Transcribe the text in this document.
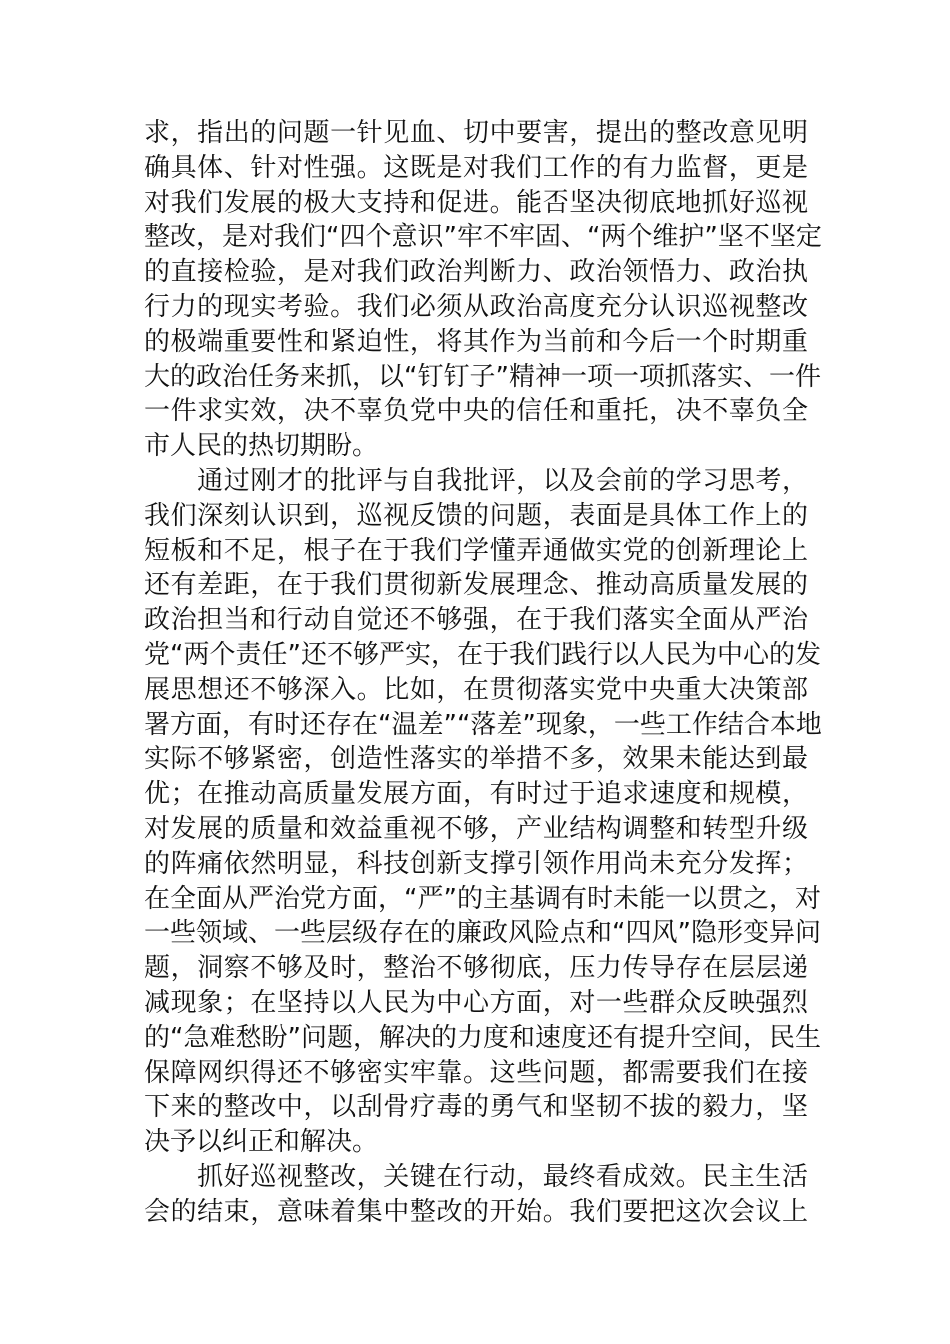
求，指出的问题一针见血、切中要害，提出的整改意见明
确具体、针对性强。这既是对我们工作的有力监督，更是
对我们发展的极大支持和促进。能否坚决彻底地抓好巡视
整改，是对我们“四个意识”牢不牢固、“两个维护”坚不坚定
的直接检验，是对我们政治判断力、政治领悟力、政治执
行力的现实考验。我们必须从政治高度充分认识巡视整改
的极端重要性和紧迫性，将其作为当前和今后一个时期重
大的政治任务来抓，以“钉钉子”精神一项一项抓落实、一件
一件求实效，决不辜负党中央的信任和重托，决不辜负全
市人民的热切期盼。
　　通过刚才的批评与自我批评，以及会前的学习思考，
我们深刻认识到，巡视反馈的问题，表面是具体工作上的
短板和不足，根子在于我们学懂弄通做实党的创新理论上
还有差距，在于我们贯彻新发展理念、推动高质量发展的
政治担当和行动自觉还不够强，在于我们落实全面从严治
党“两个责任”还不够严实，在于我们践行以人民为中心的发
展思想还不够深入。比如，在贯彻落实党中央重大决策部
署方面，有时还存在“温差”“落差”现象，一些工作结合本地
实际不够紧密，创造性落实的举措不多，效果未能达到最
优；在推动高质量发展方面，有时过于追求速度和规模，
对发展的质量和效益重视不够，产业结构调整和转型升级
的阵痛依然明显，科技创新支撑引领作用尚未充分发挥；
在全面从严治党方面，“严”的主基调有时未能一以贯之，对
一些领域、一些层级存在的廉政风险点和“四风”隐形变异问
题，洞察不够及时，整治不够彻底，压力传导存在层层递
减现象；在坚持以人民为中心方面，对一些群众反映强烈
的“急难愁盼”问题，解决的力度和速度还有提升空间，民生
保障网织得还不够密实牢靠。这些问题，都需要我们在接
下来的整改中，以刮骨疗毒的勇气和坚韧不拔的毅力，坚
决予以纠正和解决。
　　抓好巡视整改，关键在行动，最终看成效。民主生活
会的结束，意味着集中整改的开始。我们要把这次会议上
